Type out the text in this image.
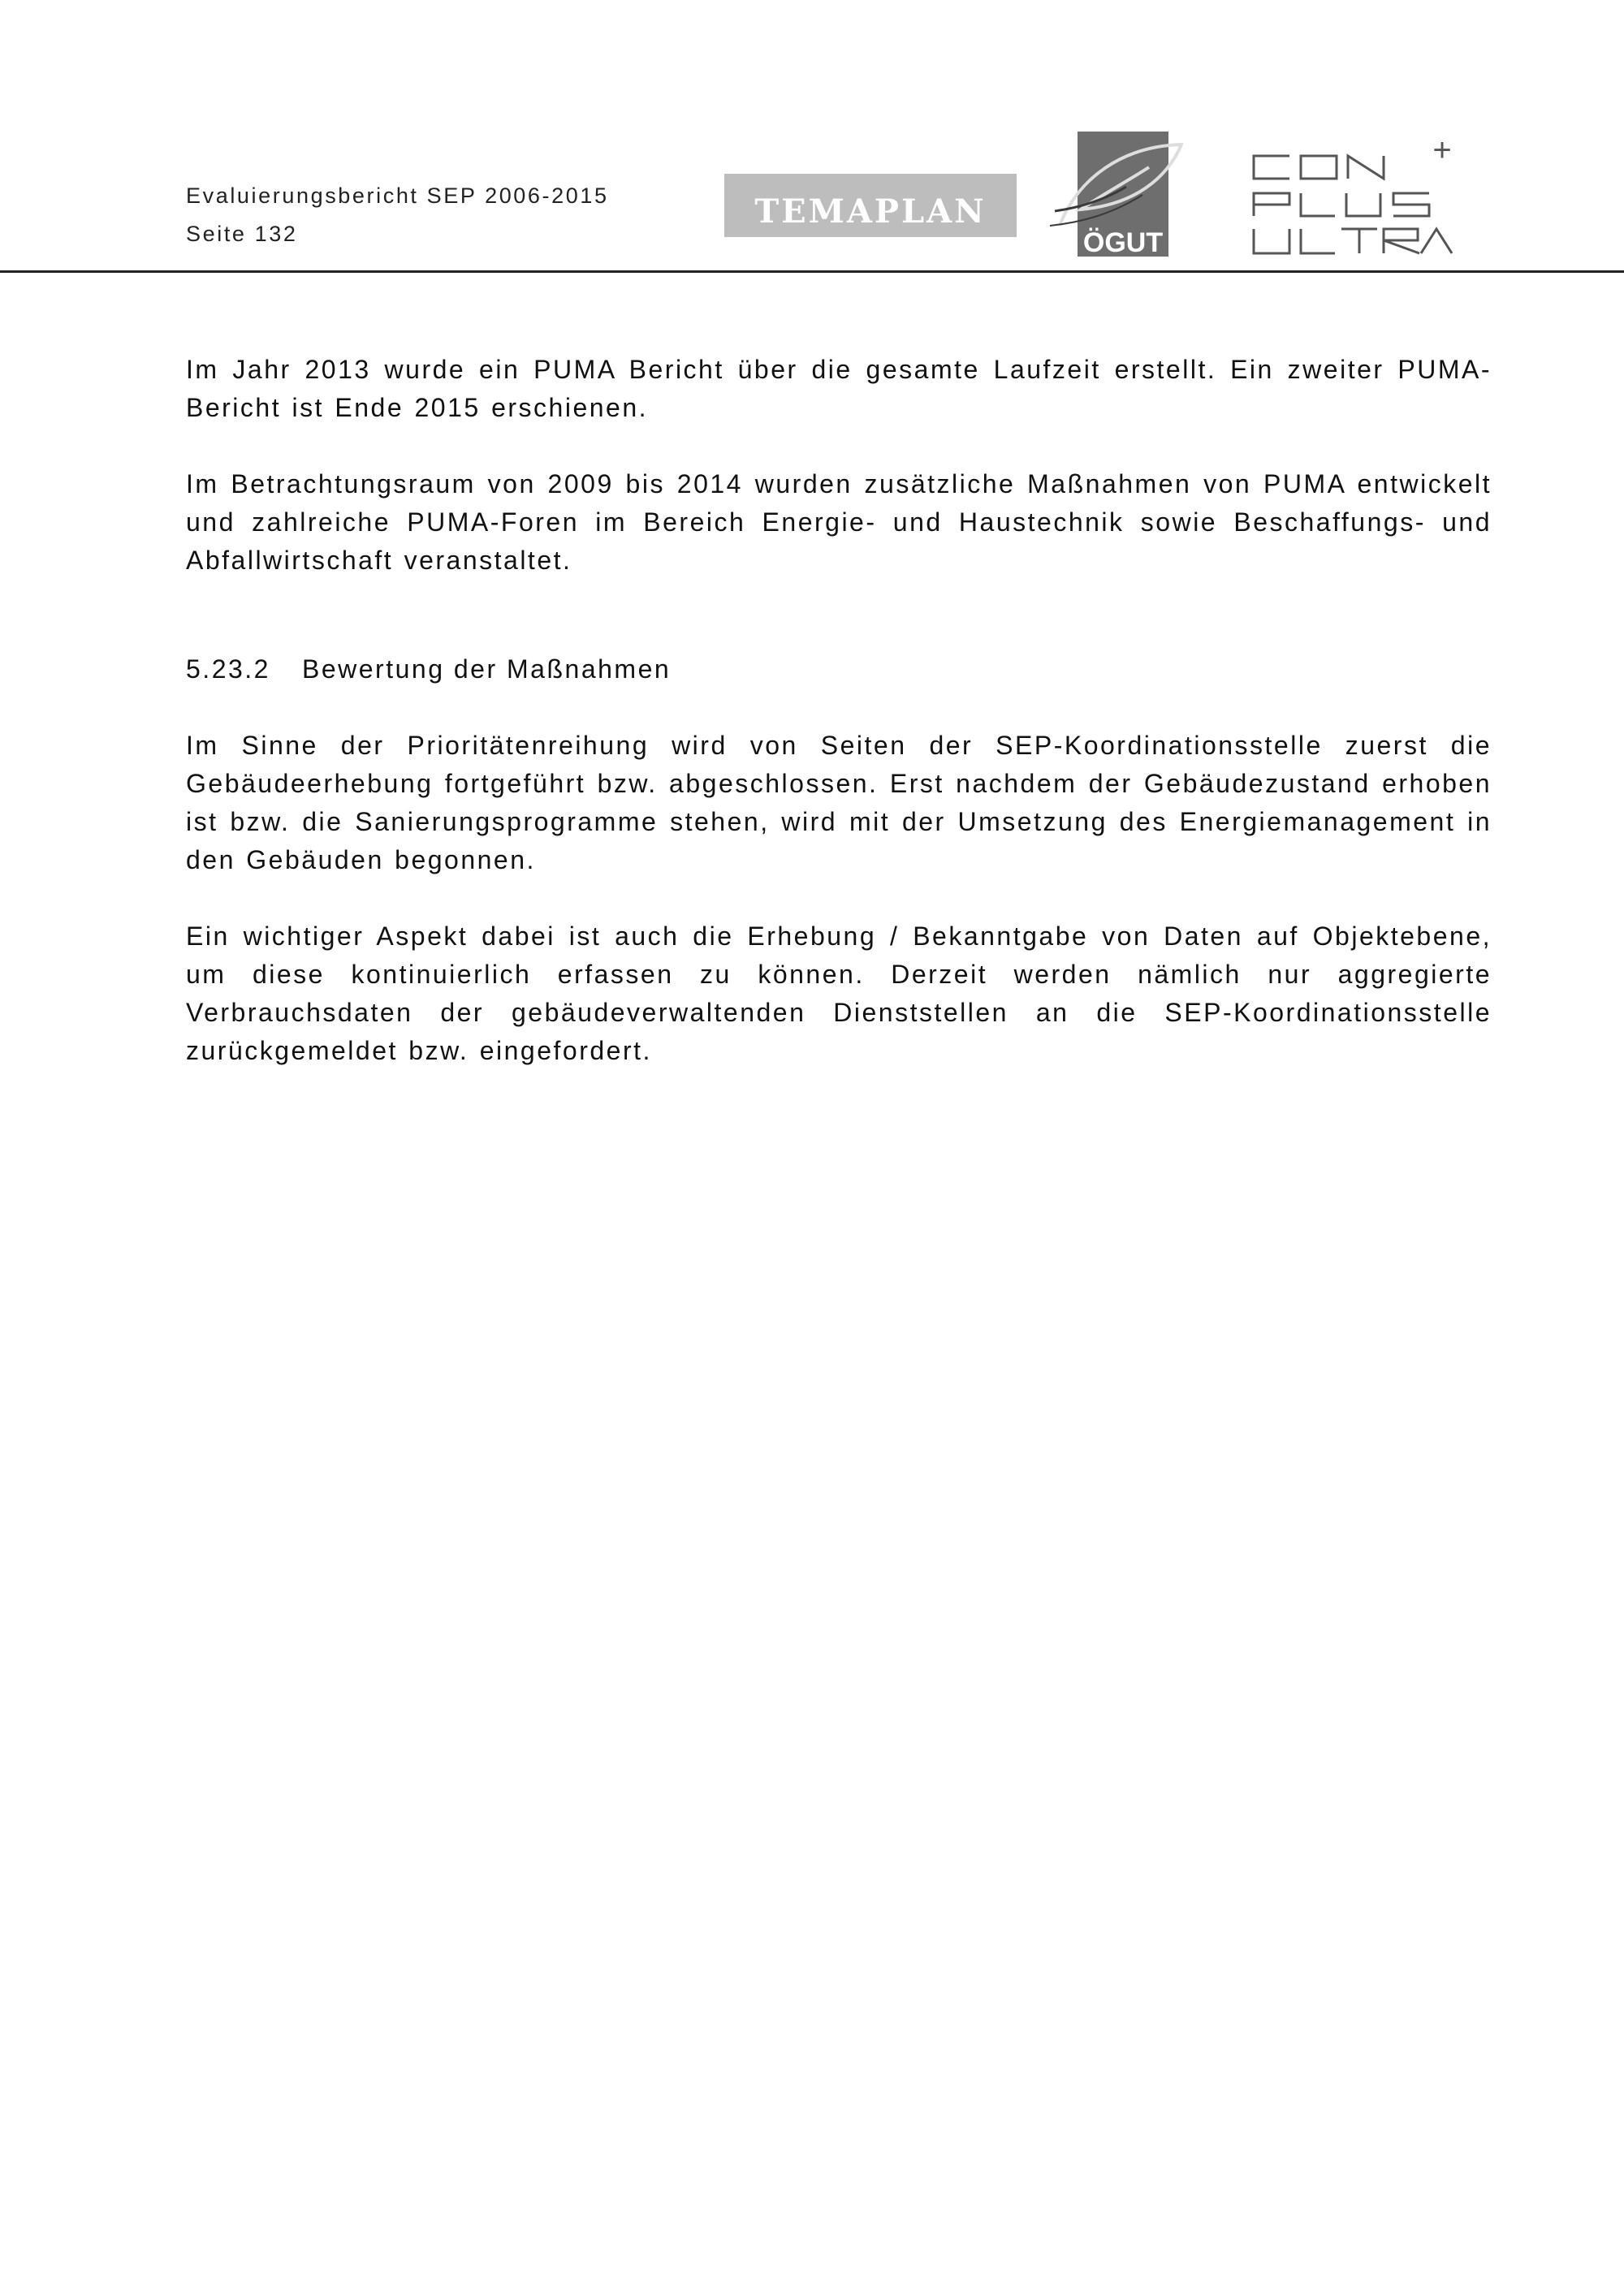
Evaluierungsbericht SEP 2006-2015
Seite 132
TEMAPLAN
ÖGUT
+

Im Jahr 2013 wurde ein PUMA Bericht über die gesamte Laufzeit erstellt. Ein zweiter PUMA-Bericht ist Ende 2015 erschienen.

Im Betrachtungsraum von 2009 bis 2014 wurden zusätzliche Maßnahmen von PUMA entwickelt und zahlreiche PUMA-Foren im Bereich Energie- und Haustechnik sowie Beschaffungs- und Abfallwirtschaft veranstaltet.

5.23.2 Bewertung der Maßnahmen

Im Sinne der Prioritätenreihung wird von Seiten der SEP-Koordinationsstelle zuerst die Gebäudeerhebung fortgeführt bzw. abgeschlossen. Erst nachdem der Gebäudezustand erhoben ist bzw. die Sanierungsprogramme stehen, wird mit der Umsetzung des Energiemanagement in den Gebäuden begonnen.

Ein wichtiger Aspekt dabei ist auch die Erhebung / Bekanntgabe von Daten auf Objektebene, um diese kontinuierlich erfassen zu können. Derzeit werden nämlich nur aggregierte Verbrauchsdaten der gebäudeverwaltenden Dienststellen an die SEP-Koordinationsstelle zurückgemeldet bzw. eingefordert.
